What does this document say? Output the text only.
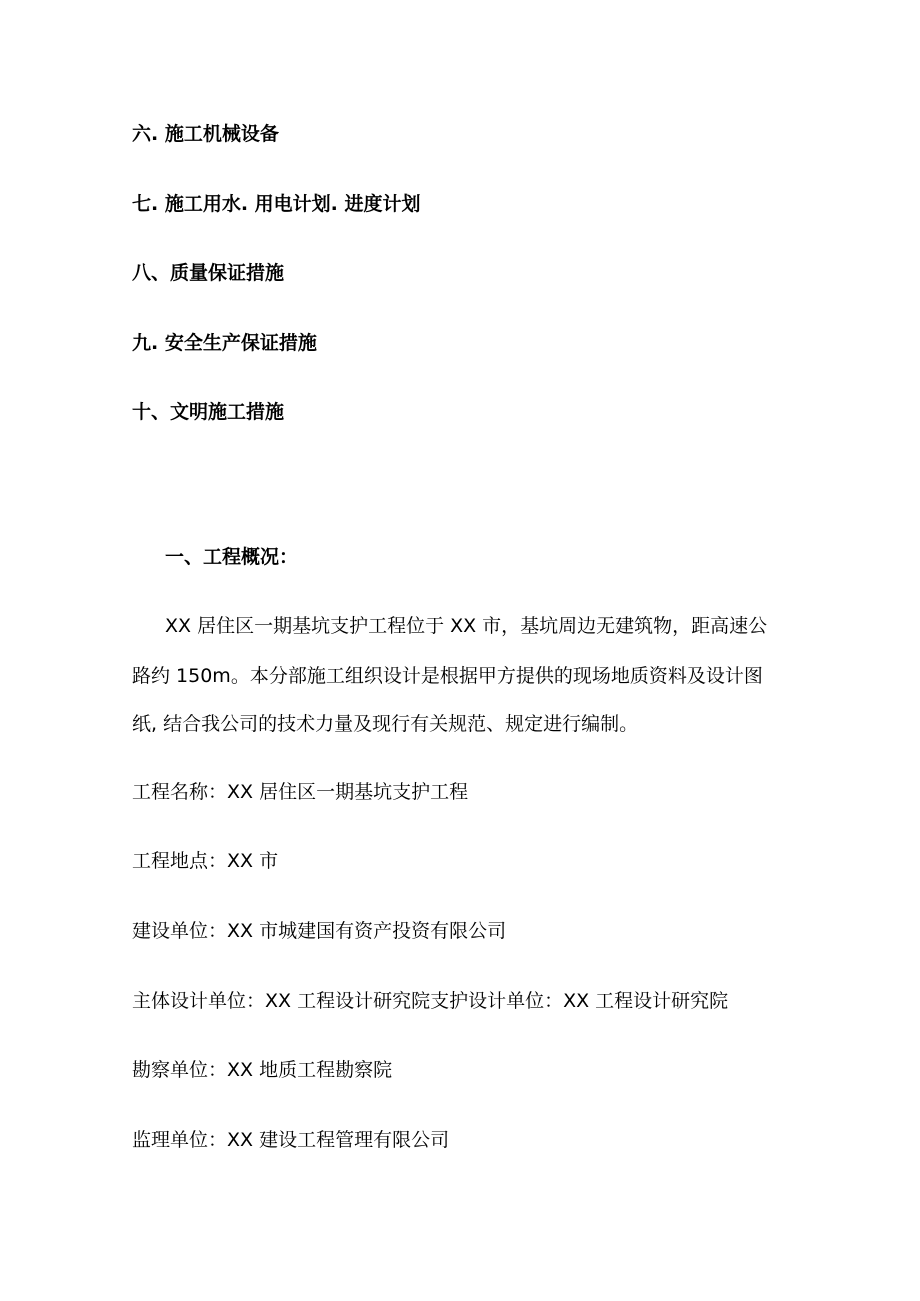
六. 施工机械设备
七. 施工用水. 用电计划. 进度计划
八、质量保证措施
九. 安全生产保证措施
十、文明施工措施
一、工程概况：
XX 居住区一期基坑支护工程位于 XX 市，基坑周边无建筑物，距高速公
路约 150m。本分部施工组织设计是根据甲方提供的现场地质资料及设计图
纸, 结合我公司的技术力量及现行有关规范、规定进行编制。
工程名称：XX 居住区一期基坑支护工程
工程地点：XX 市
建设单位：XX 市城建国有资产投资有限公司
主体设计单位：XX 工程设计研究院支护设计单位：XX 工程设计研究院
勘察单位：XX 地质工程勘察院
监理单位：XX 建设工程管理有限公司
